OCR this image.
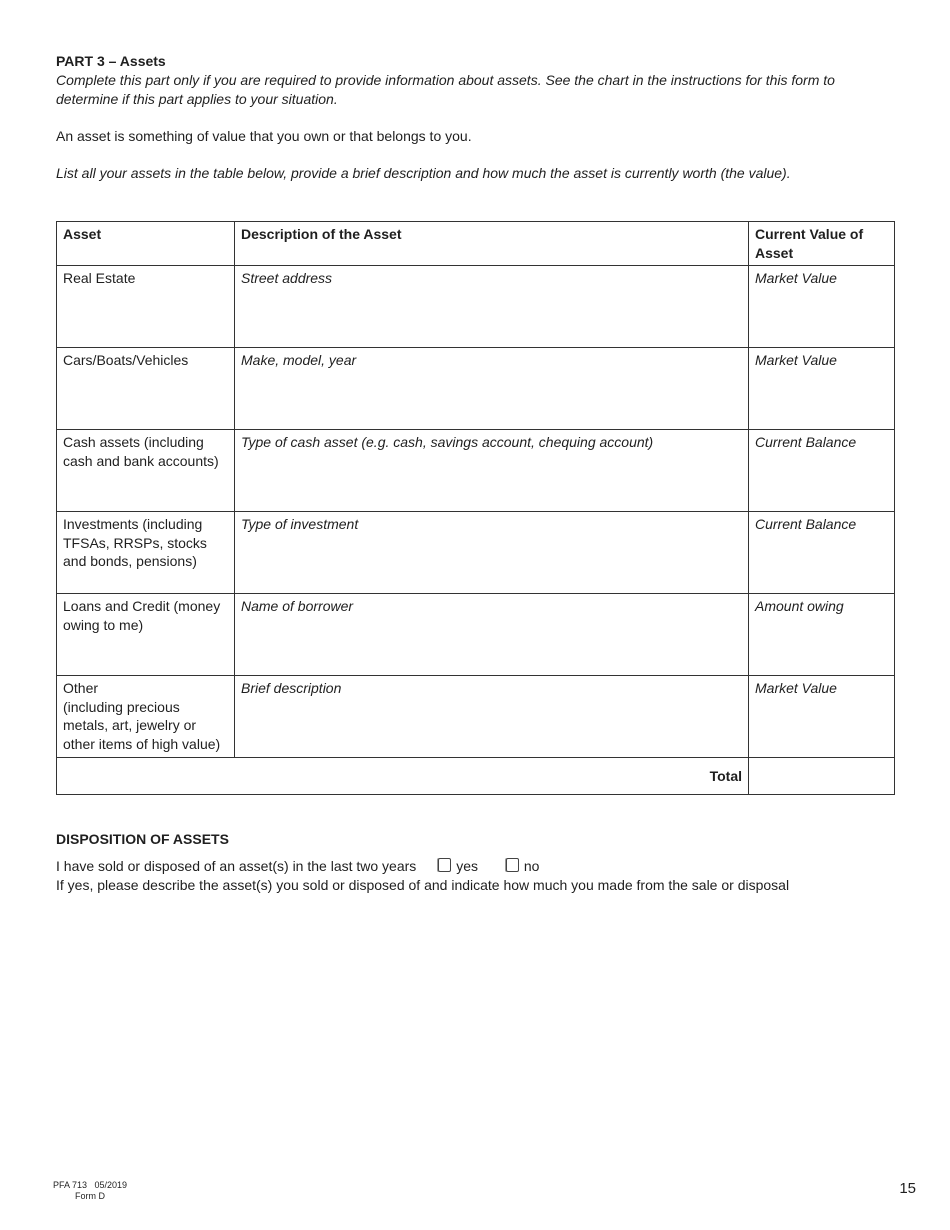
PART 3 – Assets
Complete this part only if you are required to provide information about assets. See the chart in the instructions for this form to determine if this part applies to your situation.
An asset is something of value that you own or that belongs to you.
List all your assets in the table below, provide a brief description and how much the asset is currently worth (the value).
Asset	Description of the Asset	Current Value of Asset
Real Estate	Street address	Market Value
Cars/Boats/Vehicles	Make, model, year	Market Value
Cash assets (including cash and bank accounts)	Type of cash asset (e.g. cash, savings account, chequing account)	Current Balance
Investments (including TFSAs, RRSPs, stocks and bonds, pensions)	Type of investment	Current Balance
Loans and Credit (money owing to me)	Name of borrower	Amount owing

Other
(including precious metals, art, jewelry or other items of high value)	Brief description	Market Value
Total		
DISPOSITION OF ASSETS
I have sold or disposed of an asset(s) in the last two years	yes	no
If yes, please describe the asset(s) you sold or disposed of and indicate how much you made from the sale or disposal
PFA 713   05/2019
Form D	15
